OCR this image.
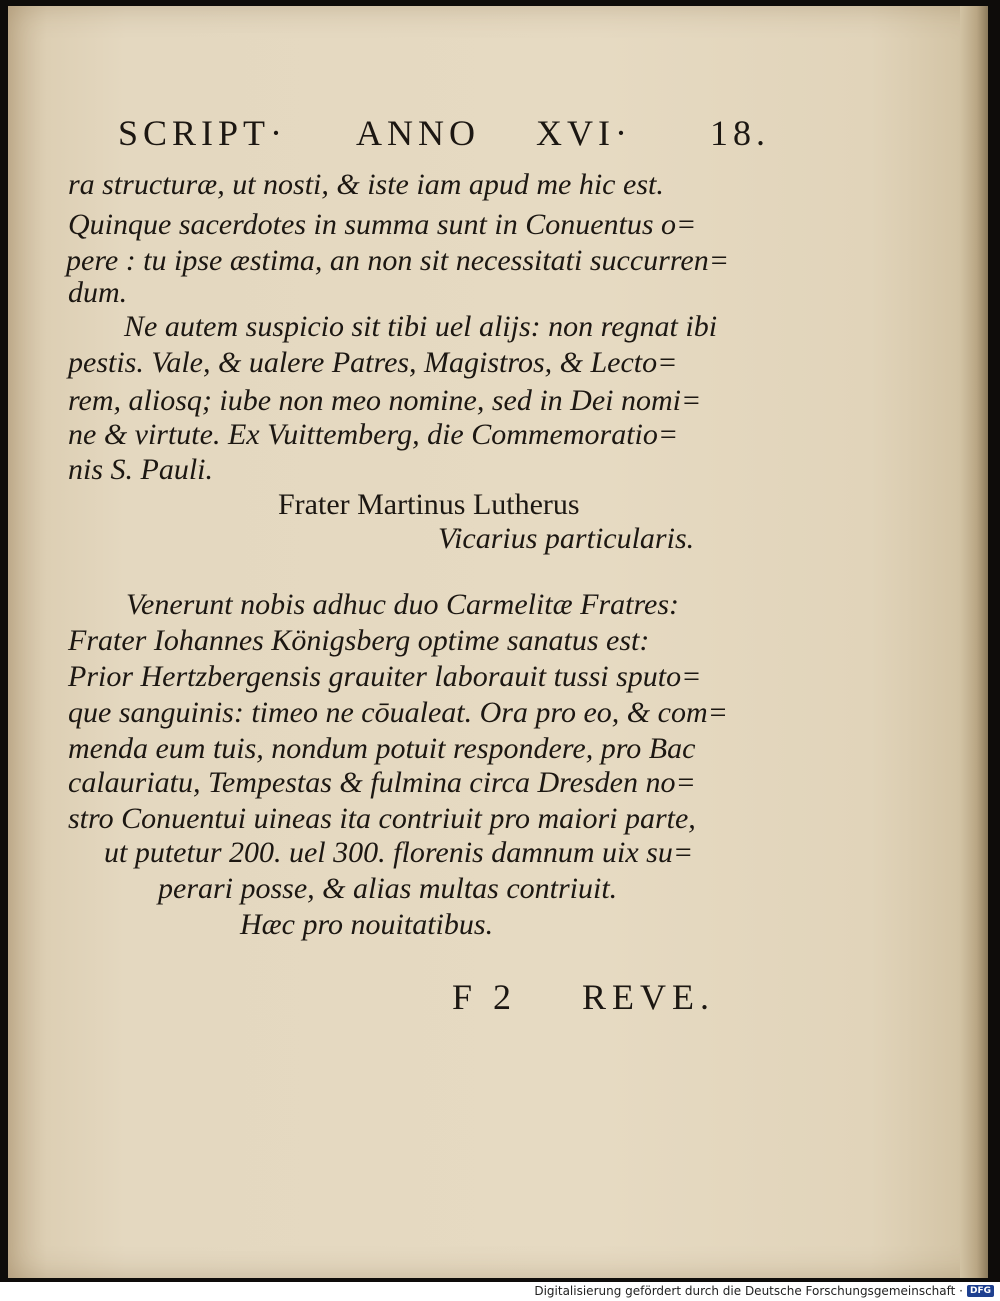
SCRIPT· ANNO XVI· 18.
ra structuræ, ut nosti, & iste iam apud me hic est.
Quinque sacerdotes in summa sunt in Conuentus o=
pere : tu ipse æstima, an non sit necessitati succurren=
dum.
Ne autem suspicio sit tibi uel alijs: non regnat ibi
pestis. Vale, & ualere Patres, Magistros, & Lecto=
rem, aliosq; iube non meo nomine, sed in Dei nomi=
ne & virtute. Ex Vuittemberg, die Commemoratio=
nis S. Pauli.
Frater Martinus Lutherus
Vicarius particularis.
Venerunt nobis adhuc duo Carmelitæ Fratres:
Frater Iohannes Königsberg optime sanatus est:
Prior Hertzbergensis grauiter laborauit tussi sputo=
que sanguinis: timeo ne cōualeat. Ora pro eo, & com=
menda eum tuis, nondum potuit respondere, pro Bac
calauriatu, Tempestas & fulmina circa Dresden no=
stro Conuentui uineas ita contriuit pro maiori parte,
ut putetur 200. uel 300. florenis damnum uix su=
perari posse, & alias multas contriuit.
Hæc pro nouitatibus.
F 2 REVE.
Digitalisierung gefördert durch die Deutsche Forschungsgemeinschaft · DFG
